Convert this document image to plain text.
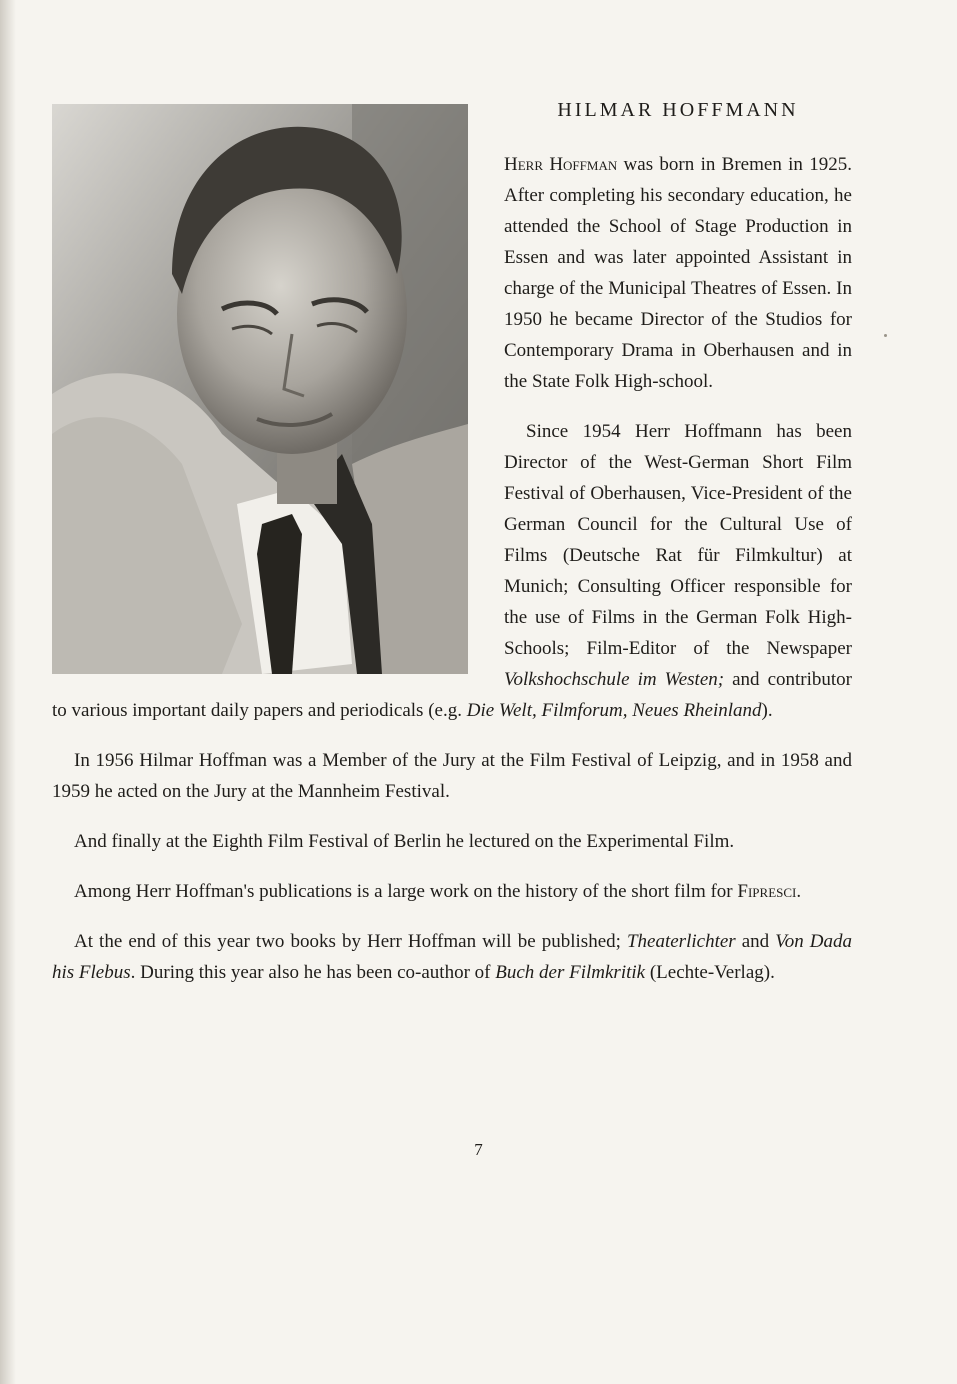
HILMAR HOFFMANN

Herr Hoffman was born in Bremen in 1925. After completing his secondary education, he attended the School of Stage Production in Essen and was later appointed Assistant in charge of the Municipal Theatres of Essen. In 1950 he became Director of the Studios for Contemporary Drama in Oberhausen and in the State Folk High-school.

Since 1954 Herr Hoffmann has been Director of the West-German Short Film Festival of Oberhausen, Vice-President of the German Council for the Cultural Use of Films (Deutsche Rat für Filmkultur) at Munich; Consulting Officer responsible for the use of Films in the German Folk High-Schools; Film-Editor of the Newspaper Volkshochschule im Westen; and contributor to various important daily papers and periodicals (e.g. Die Welt, Filmforum, Neues Rheinland).

In 1956 Hilmar Hoffman was a Member of the Jury at the Film Festival of Leipzig, and in 1958 and 1959 he acted on the Jury at the Mannheim Festival.

And finally at the Eighth Film Festival of Berlin he lectured on the Experimental Film.

Among Herr Hoffman's publications is a large work on the history of the short film for Fipresci.

At the end of this year two books by Herr Hoffman will be published; Theaterlichter and Von Dada his Flebus. During this year also he has been co-author of Buch der Filmkritik (Lechte-Verlag).

7
